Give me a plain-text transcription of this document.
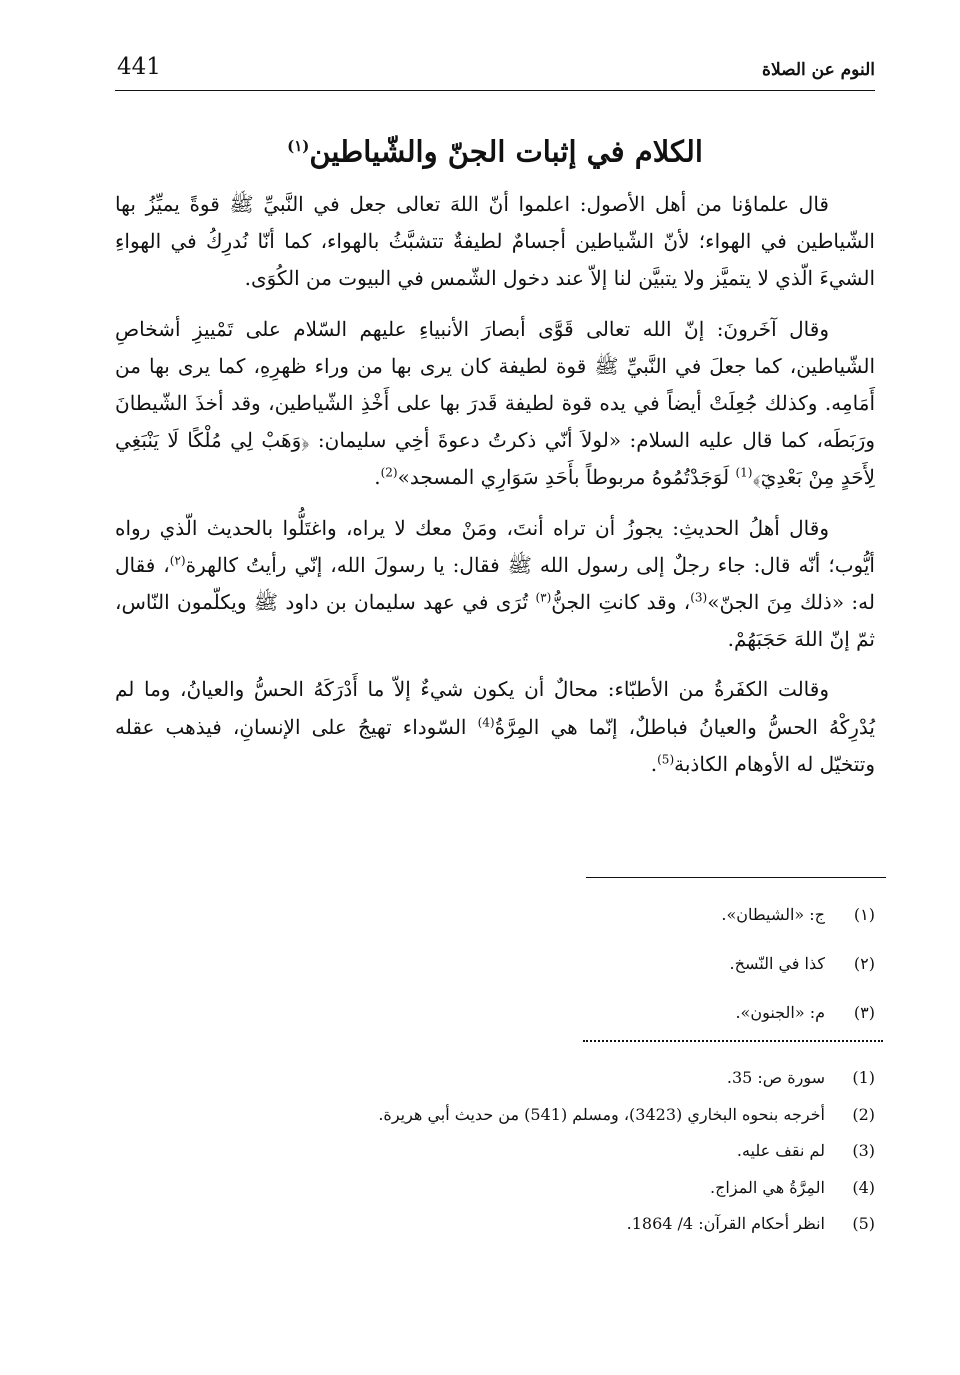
441	النوم عن الصلاة
الكلام في إثبات الجنّ والشّياطين$^{(١)}$

قال علماؤنا من أهل الأصول: اعلموا أنّ اللهَ تعالى جعل في النَّبيِّ ﷺ قوةً يميِّزُ بها الشّياطين في الهواء؛ لأنّ الشّياطين أجسامٌ لطيفةٌ تتشبَّثُ بالهواء، كما أنّا نُدرِكُ في الهواءِ الشيءَ الّذي لا يتميَّز ولا يتبيَّن لنا إلاّ عند دخول الشّمس في البيوت من الكُوَى.

وقال آخَرونَ: إنّ الله تعالى قَوَّى أبصارَ الأنبياءِ عليهم السّلام على تَمْييزِ أشخاصِ الشّياطين، كما جعلَ في النَّبيِّ ﷺ قوة لطيفة كان يرى بها من وراء ظهرِهِ، كما يرى بها من أَمَامِه. وكذلك جُعِلَتْ أيضاً في يده قوة لطيفة قَدرَ بها على أَخْذِ الشّياطين، وقد أخذَ الشّيطانَ ورَبَطَه، كما قال عليه السلام: «لولاَ أنّي ذكرتُ دعوةَ أخِي سليمان: ﴿وَهَبْ لِي مُلْكًا لَا يَنْبَغِي لِأَحَدٍ مِنْ بَعْدِيٓ﴾$^{(1)}$ لَوَجَدْتُمُوهُ مربوطاً بأَحَدِ سَوَارِي المسجد»$^{(2)}$.

وقال أهلُ الحديثِ: يجوزُ أن تراه أنتَ، ومَنْ معك لا يراه، واغتَلُّوا بالحديث الّذي رواه أيُّوب؛ أنّه قال: جاء رجلٌ إلى رسول الله ﷺ فقال: يا رسولَ الله، إنّي رأيتُ كالهرة$^{(٢)}$، فقال له: «ذلك مِنَ الجنّ»$^{(3)}$، وقد كانتِ الجنُّ$^{(٣)}$ تُرَى في عهد سليمان بن داود ﷺ ويكلّمون النّاس، ثمّ إنّ اللهَ حَجَبَهُمْ.

وقالت الكفَرةُ من الأطبّاء: محالٌ أن يكون شيءٌ إلاّ ما أَدْرَكَهُ الحسُّ والعيانُ، وما لم يُدْرِكْهُ الحسُّ والعيانُ فباطلٌ، إنّما هي المِرَّةُ$^{(4)}$ السّوداء تهيجُ على الإنسانِ، فيذهب عقله وتتخيّل له الأوهام الكاذبة$^{(5)}$.

(١)ج: «الشيطان».
(٢)كذا في النّسخ.
(٣)م: «الجنون».
(1)سورة ص: 35.
(2)أخرجه بنحوه البخاري (3423)، ومسلم (541) من حديث أبي هريرة.
(3)لم نقف عليه.
(4)المِرَّةُ هي المزاج.
(5)انظر أحكام القرآن: 4/ 1864.
